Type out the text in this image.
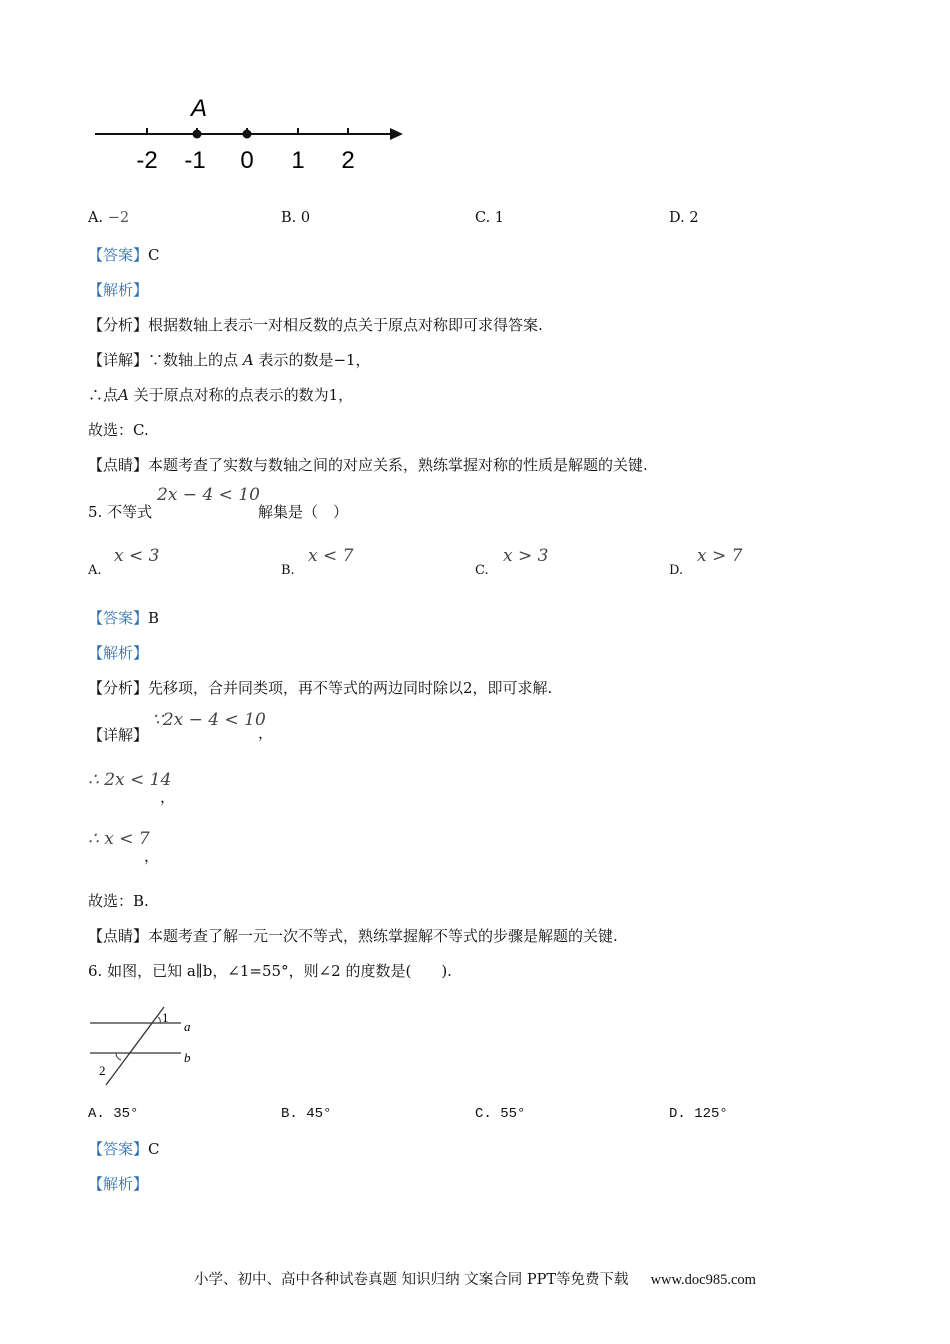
A
-2 -1 0 1 2
A. −2	B. 0	C. 1	D. 2
【答案】C
【解析】
【分析】根据数轴上表示一对相反数的点关于原点对称即可求得答案.
【详解】∵数轴上的点 A 表示的数是−1，
∴点A 关于原点对称的点表示的数为1，
故选：C.
【点睛】本题考查了实数与数轴之间的对应关系，熟练掌握对称的性质是解题的关键.
5. 不等式
2x − 4 < 10
解集是（　）
A.
x < 3
B.
x < 7
C.
x > 3
D.
x > 7
【答案】B
【解析】
【分析】先移项，合并同类项，再不等式的两边同时除以2，即可求解.
【详解】
∵2x − 4 < 10
，
∴ 2x < 14
，
∴ x < 7
，
故选：B.
【点睛】本题考查了解一元一次不等式，熟练掌握解不等式的步骤是解题的关键.
6. 如图，已知 a∥b，∠1=55°，则∠2 的度数是(　　).
1
2
a
b
A. 35°	B. 45°	C. 55°	D. 125°
【答案】C
【解析】
小学、初中、高中各种试卷真题 知识归纳 文案合同 PPT等免费下载 www.doc985.com
